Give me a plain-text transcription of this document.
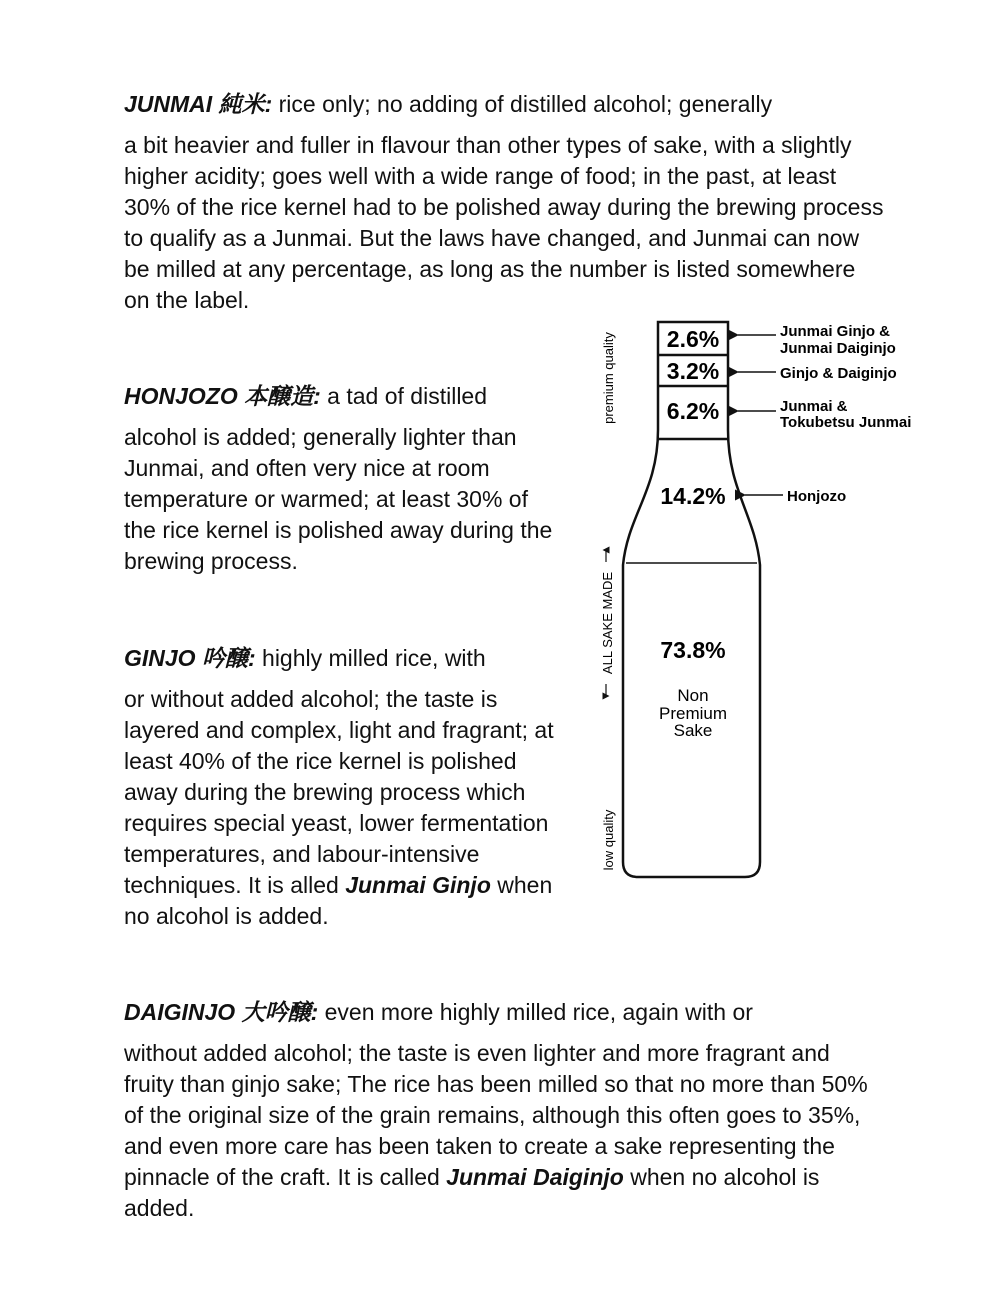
JUNMAI 純米: rice only; no adding of distilled alcohol; generally

a bit heavier and fuller in flavour than other types of sake, with a slightly higher acidity; goes well with a wide range of food; in the past, at least 30% of the rice kernel had to be polished away during the brewing process to qualify as a Junmai. But the laws have changed, and Junmai can now be milled at any percentage, as long as the number is listed somewhere on the label.

HONJOZO 本醸造: a tad of distilled

alcohol is added; generally lighter than Junmai, and often very nice at room temperature or warmed; at least 30% of the rice kernel is polished away during the brewing process.

GINJO 吟醸: highly milled rice, with

or without added alcohol; the taste is layered and complex, light and fragrant; at least 40% of the rice kernel is polished away during the brewing process which requires special yeast, lower fermentation temperatures, and labour-intensive techniques. It is alled Junmai Ginjo when no alcohol is added.

DAIGINJO 大吟醸: even more highly milled rice, again with or

without added alcohol; the taste is even lighter and more fragrant and fruity than ginjo sake; The rice has been milled so that no more than 50% of the original size of the grain remains, although this often goes to 35%, and even more care has been taken to create a sake representing the pinnacle of the craft. It is called Junmai Daiginjo when no alcohol is added.

2.6%
3.2%
6.2%
14.2%
73.8%
Non
Premium
Sake
Junmai Ginjo &
Junmai Daiginjo
Ginjo & Daiginjo
Junmai &
Tokubetsu Junmai
Honjozo
premium quality
ALL SAKE MADE
low quality
